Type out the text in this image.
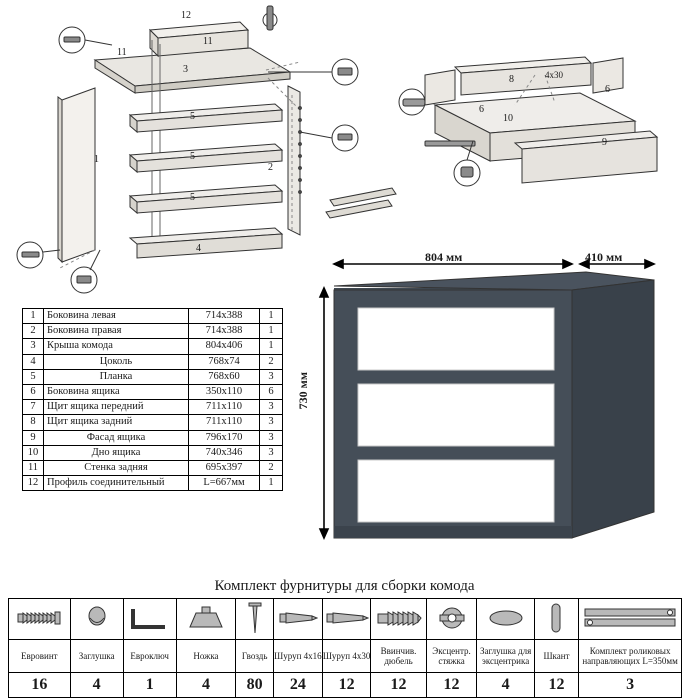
12
11
11
3
5
5
5
1
2
4
8
6
6
10
9
4х30
1	Боковина левая	714х388	1
2	Боковина правая	714х388	1
3	Крыша комода	804х406	1
4	Цоколь	768х74	2
5	Планка	768х60	3
6	Боковина ящика	350х110	6
7	Щит ящика передний	711х110	3
8	Щит ящика задний	711х110	3
9	Фасад ящика	796х170	3
10	Дно ящика	740х346	3
11	Стенка задняя	695х397	2
12	Профиль соединительный	L=667мм	1
804 мм	410 мм
730 мм
Комплект фурнитуры для сборки комода

Евровинт	Заглушка	Евроключ	Ножка	Гвоздь	Шуруп 4х16	Шуруп 4х30	Ввинчив. дюбель	Эксцентр. стяжка	Заглушка для эксцентрика	Шкант	Комплект роликовых направляющих L=350мм
16	4	1	4	80	24	12	12	12	4	12	3
